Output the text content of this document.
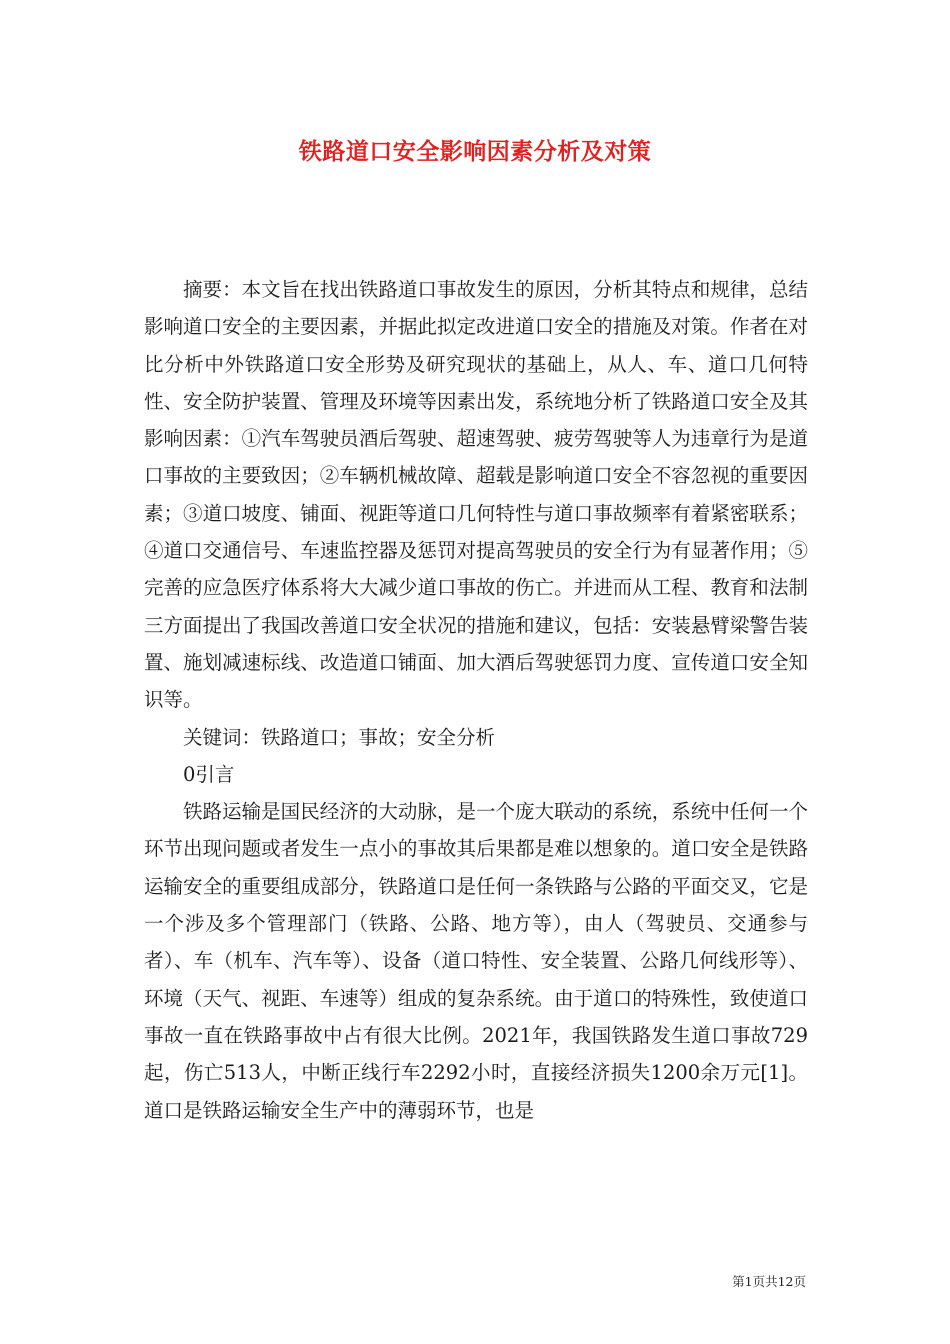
铁路道口安全影响因素分析及对策

摘要：本文旨在找出铁路道口事故发生的原因，分析其特点和规律，总结影响道口安全的主要因素，并据此拟定改进道口安全的措施及对策。作者在对比分析中外铁路道口安全形势及研究现状的基础上，从人、车、道口几何特性、安全防护装置、管理及环境等因素出发，系统地分析了铁路道口安全及其影响因素：①汽车驾驶员酒后驾驶、超速驾驶、疲劳驾驶等人为违章行为是道口事故的主要致因；②车辆机械故障、超载是影响道口安全不容忽视的重要因素；③道口坡度、铺面、视距等道口几何特性与道口事故频率有着紧密联系；④道口交通信号、车速监控器及惩罚对提高驾驶员的安全行为有显著作用；⑤完善的应急医疗体系将大大减少道口事故的伤亡。并进而从工程、教育和法制三方面提出了我国改善道口安全状况的措施和建议，包括：安装悬臂梁警告装置、施划减速标线、改造道口铺面、加大酒后驾驶惩罚力度、宣传道口安全知识等。

关键词：铁路道口；事故；安全分析

0引言

铁路运输是国民经济的大动脉，是一个庞大联动的系统，系统中任何一个环节出现问题或者发生一点小的事故其后果都是难以想象的。道口安全是铁路运输安全的重要组成部分，铁路道口是任何一条铁路与公路的平面交叉，它是一个涉及多个管理部门（铁路、公路、地方等），由人（驾驶员、交通参与者）、车（机车、汽车等）、设备（道口特性、安全装置、公路几何线形等）、环境（天气、视距、车速等）组成的复杂系统。由于道口的特殊性，致使道口事故一直在铁路事故中占有很大比例。2021年，我国铁路发生道口事故729起，伤亡513人，中断正线行车2292小时，直接经济损失1200余万元[1]。道口是铁路运输安全生产中的薄弱环节，也是

第1页共12页
